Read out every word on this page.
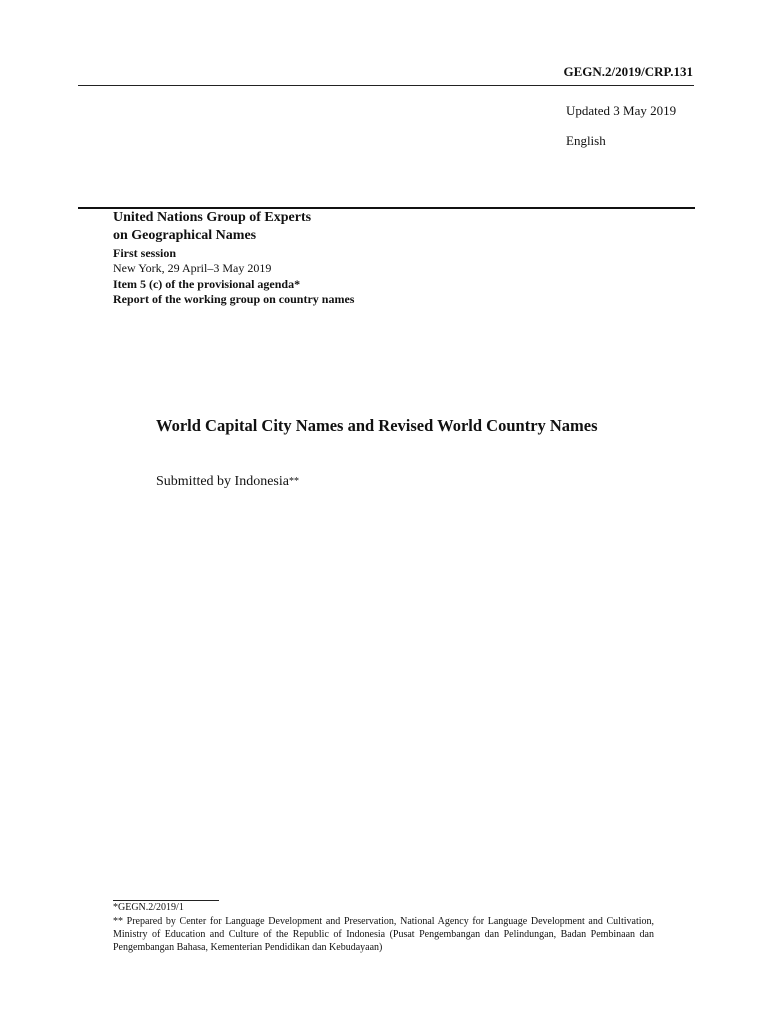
GEGN.2/2019/CRP.131
Updated 3 May 2019
English
United Nations Group of Experts
on Geographical Names
First session
New York, 29 April–3 May 2019
Item 5 (c) of the provisional agenda*
Report of the working group on country names
World Capital City Names and Revised World Country Names
Submitted by Indonesia**
*GEGN.2/2019/1
** Prepared by Center for Language Development and Preservation, National Agency for Language Development and Cultivation, Ministry of Education and Culture of the Republic of Indonesia (Pusat Pengembangan dan Pelindungan, Badan Pembinaan dan Pengembangan Bahasa, Kementerian Pendidikan dan Kebudayaan)
